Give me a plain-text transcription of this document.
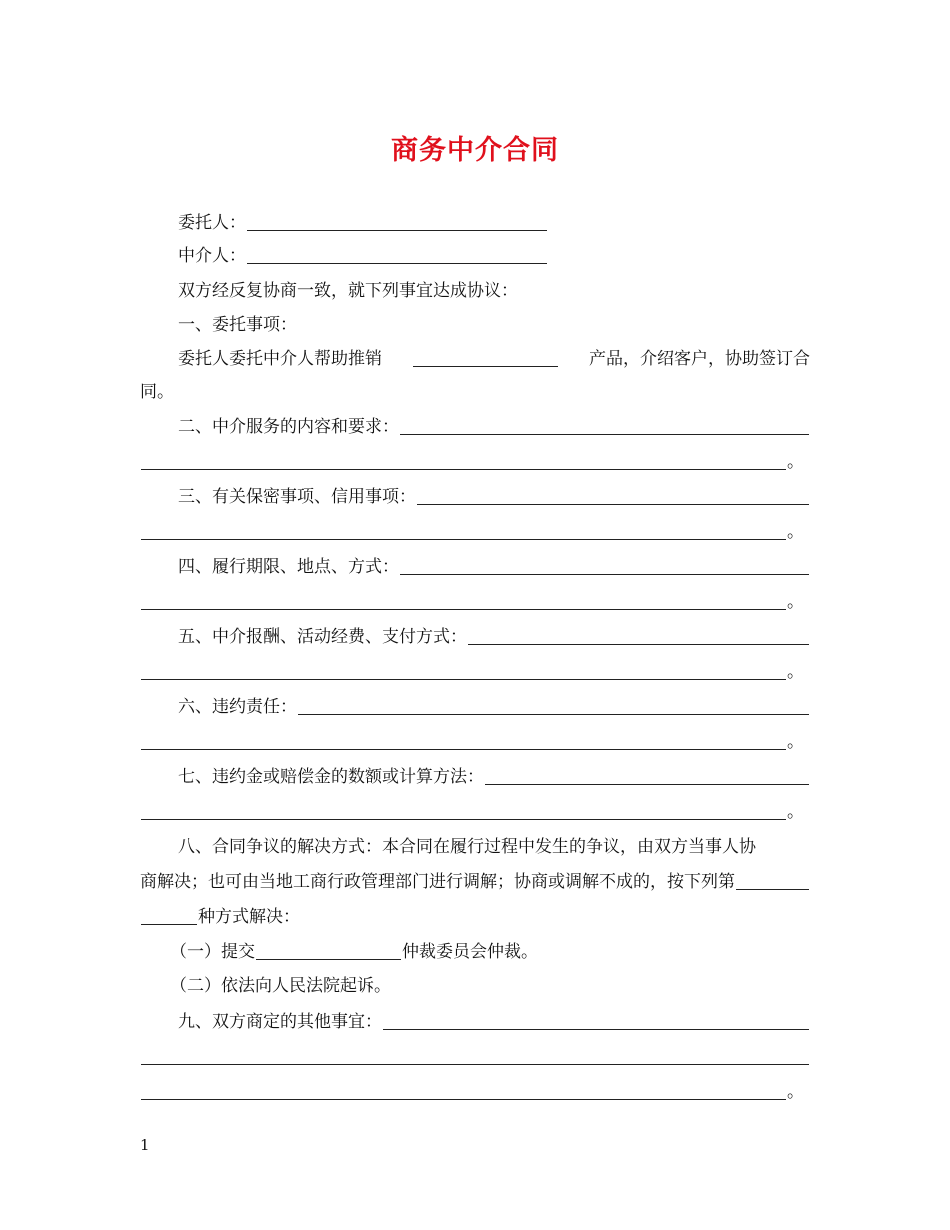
商务中介合同
委托人：
中介人：
双方经反复协商一致，就下列事宜达成协议：
一、委托事项：
委托人委托中介人帮助推销	产品，介绍客户，协助签订合
同。
二、中介服务的内容和要求：
。
三、有关保密事项、信用事项：
。
四、履行期限、地点、方式：
。
五、中介报酬、活动经费、支付方式：
。
六、违约责任：
。
七、违约金或赔偿金的数额或计算方法：
。
八、合同争议的解决方式：本合同在履行过程中发生的争议，由双方当事人协
商解决；也可由当地工商行政管理部门进行调解；协商或调解不成的，按下列第
种方式解决：
（一）提交	仲裁委员会仲裁。
（二）依法向人民法院起诉。
九、双方商定的其他事宜：
。
1
